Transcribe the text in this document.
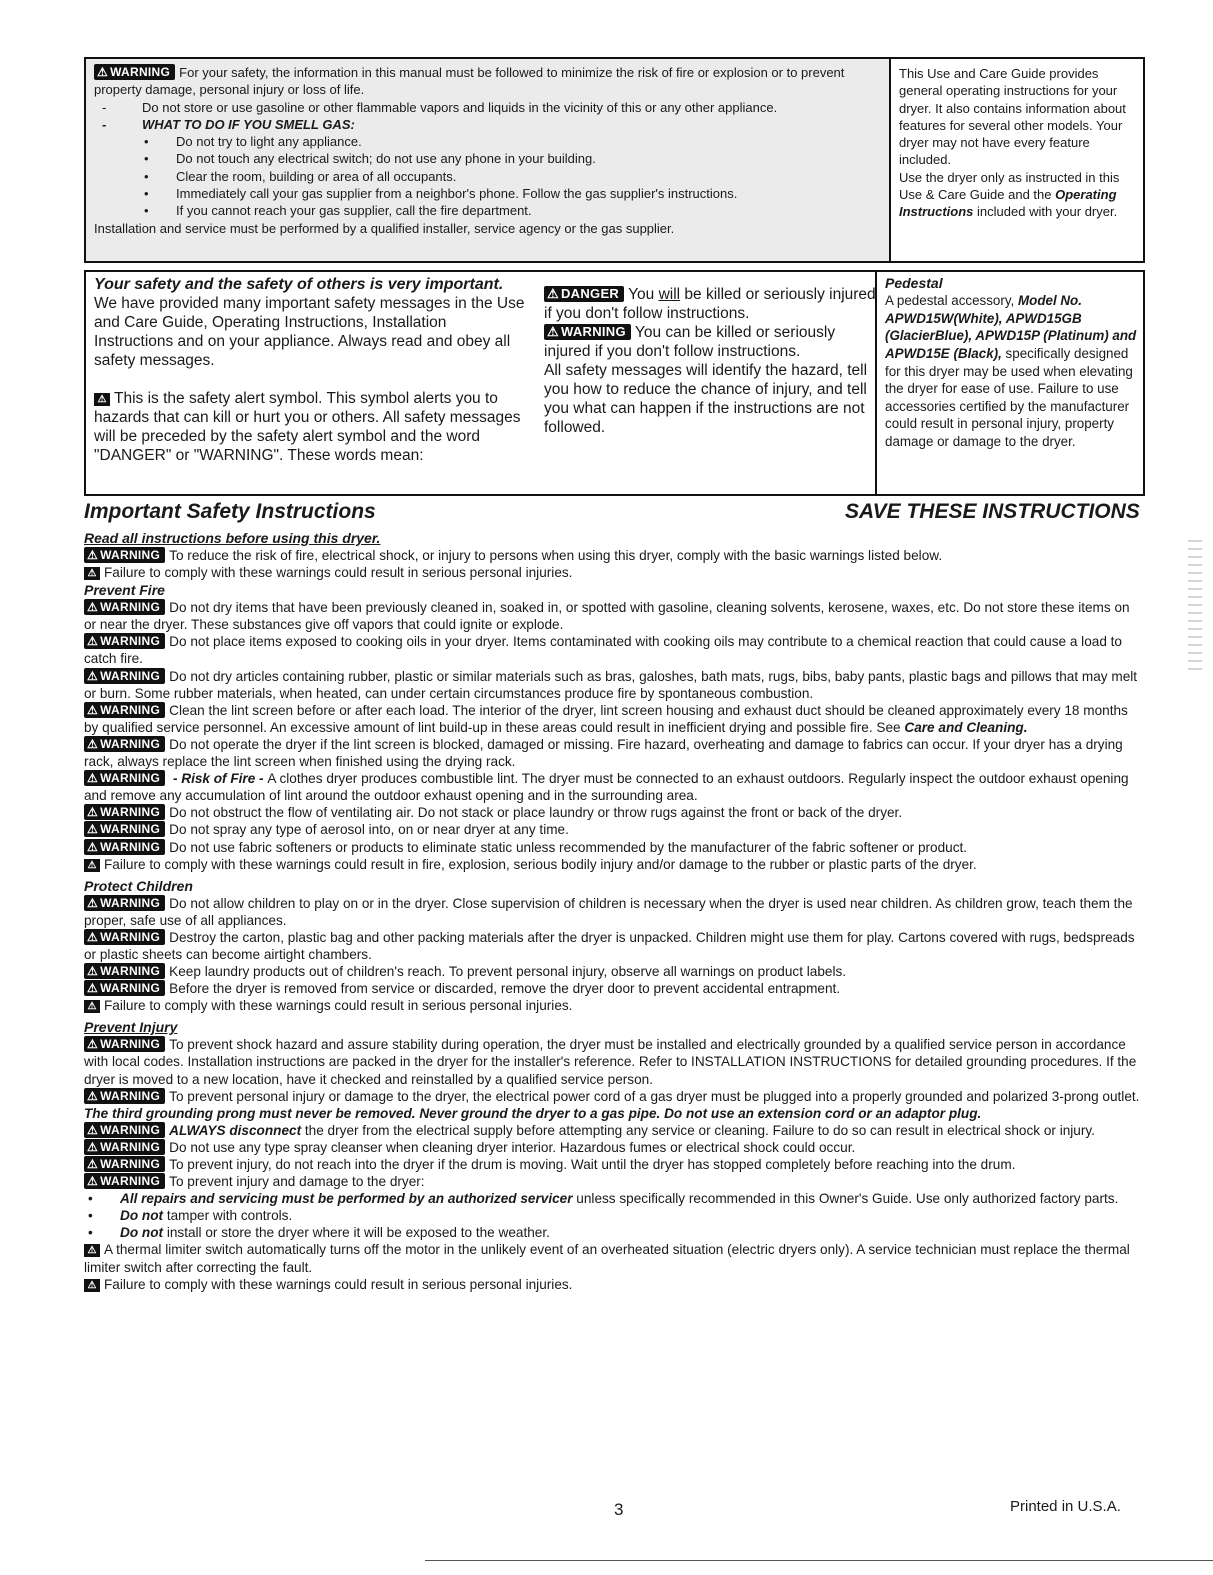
⚠ WARNING For your safety, the information in this manual must be followed to minimize the risk of fire or explosion or to prevent property damage, personal injury or loss of life.

- Do not store or use gasoline or other flammable vapors and liquids in the vicinity of this or any other appliance.

- WHAT TO DO IF YOU SMELL GAS:

• Do not try to light any appliance.

• Do not touch any electrical switch; do not use any phone in your building.

• Clear the room, building or area of all occupants.

• Immediately call your gas supplier from a neighbor's phone. Follow the gas supplier's instructions.

• If you cannot reach your gas supplier, call the fire department.

Installation and service must be performed by a qualified installer, service agency or the gas supplier.

This Use and Care Guide provides general operating instructions for your dryer. It also contains information about features for several other models. Your dryer may not have every feature included.

Use the dryer only as instructed in this Use & Care Guide and the Operating Instructions included with your dryer.

Your safety and the safety of others is very important.

We have provided many important safety messages in the Use and Care Guide, Operating Instructions, Installation Instructions and on your appliance. Always read and obey all safety messages.

⚠ This is the safety alert symbol. This symbol alerts you to hazards that can kill or hurt you or others. All safety messages will be preceded by the safety alert symbol and the word "DANGER" or "WARNING". These words mean:

⚠ DANGER You will be killed or seriously injured if you don't follow instructions.

⚠ WARNING You can be killed or seriously injured if you don't follow instructions.

All safety messages will identify the hazard, tell you how to reduce the chance of injury, and tell you what can happen if the instructions are not followed.

Pedestal

A pedestal accessory, Model No. APWD15W(White), APWD15GB (GlacierBlue), APWD15P (Platinum) and APWD15E (Black), specifically designed for this dryer may be used when elevating the dryer for ease of use. Failure to use accessories certified by the manufacturer could result in personal injury, property damage or damage to the dryer.

Important Safety Instructions	SAVE THESE INSTRUCTIONS

Read all instructions before using this dryer.

⚠ WARNING To reduce the risk of fire, electrical shock, or injury to persons when using this dryer, comply with the basic warnings listed below.

⚠ Failure to comply with these warnings could result in serious personal injuries.

Prevent Fire

⚠ WARNING Do not dry items that have been previously cleaned in, soaked in, or spotted with gasoline, cleaning solvents, kerosene, waxes, etc. Do not store these items on or near the dryer. These substances give off vapors that could ignite or explode.

⚠ WARNING Do not place items exposed to cooking oils in your dryer. Items contaminated with cooking oils may contribute to a chemical reaction that could cause a load to catch fire.

⚠ WARNING Do not dry articles containing rubber, plastic or similar materials such as bras, galoshes, bath mats, rugs, bibs, baby pants, plastic bags and pillows that may melt or burn. Some rubber materials, when heated, can under certain circumstances produce fire by spontaneous combustion.

⚠ WARNING Clean the lint screen before or after each load. The interior of the dryer, lint screen housing and exhaust duct should be cleaned approximately every 18 months by qualified service personnel. An excessive amount of lint build-up in these areas could result in inefficient drying and possible fire. See Care and Cleaning.

⚠ WARNING Do not operate the dryer if the lint screen is blocked, damaged or missing. Fire hazard, overheating and damage to fabrics can occur. If your dryer has a drying rack, always replace the lint screen when finished using the drying rack.

⚠ WARNING - Risk of Fire - A clothes dryer produces combustible lint. The dryer must be connected to an exhaust outdoors. Regularly inspect the outdoor exhaust opening and remove any accumulation of lint around the outdoor exhaust opening and in the surrounding area.

⚠ WARNING Do not obstruct the flow of ventilating air. Do not stack or place laundry or throw rugs against the front or back of the dryer.

⚠ WARNING Do not spray any type of aerosol into, on or near dryer at any time.

⚠ WARNING Do not use fabric softeners or products to eliminate static unless recommended by the manufacturer of the fabric softener or product.

⚠ Failure to comply with these warnings could result in fire, explosion, serious bodily injury and/or damage to the rubber or plastic parts of the dryer.

Protect Children

⚠ WARNING Do not allow children to play on or in the dryer. Close supervision of children is necessary when the dryer is used near children. As children grow, teach them the proper, safe use of all appliances.

⚠ WARNING Destroy the carton, plastic bag and other packing materials after the dryer is unpacked. Children might use them for play. Cartons covered with rugs, bedspreads or plastic sheets can become airtight chambers.

⚠ WARNING Keep laundry products out of children's reach. To prevent personal injury, observe all warnings on product labels.

⚠ WARNING Before the dryer is removed from service or discarded, remove the dryer door to prevent accidental entrapment.

⚠ Failure to comply with these warnings could result in serious personal injuries.

Prevent Injury

⚠ WARNING To prevent shock hazard and assure stability during operation, the dryer must be installed and electrically grounded by a qualified service person in accordance with local codes. Installation instructions are packed in the dryer for the installer's reference. Refer to INSTALLATION INSTRUCTIONS for detailed grounding procedures. If the dryer is moved to a new location, have it checked and reinstalled by a qualified service person.

⚠ WARNING To prevent personal injury or damage to the dryer, the electrical power cord of a gas dryer must be plugged into a properly grounded and polarized 3-prong outlet. The third grounding prong must never be removed. Never ground the dryer to a gas pipe. Do not use an extension cord or an adaptor plug.

⚠ WARNING ALWAYS disconnect the dryer from the electrical supply before attempting any service or cleaning. Failure to do so can result in electrical shock or injury.

⚠ WARNING Do not use any type spray cleanser when cleaning dryer interior. Hazardous fumes or electrical shock could occur.

⚠ WARNING To prevent injury, do not reach into the dryer if the drum is moving. Wait until the dryer has stopped completely before reaching into the drum.

⚠ WARNING To prevent injury and damage to the dryer:

• All repairs and servicing must be performed by an authorized servicer unless specifically recommended in this Owner's Guide. Use only authorized factory parts.

• Do not tamper with controls.

• Do not install or store the dryer where it will be exposed to the weather.

⚠ A thermal limiter switch automatically turns off the motor in the unlikely event of an overheated situation (electric dryers only). A service technician must replace the thermal limiter switch after correcting the fault.

⚠ Failure to comply with these warnings could result in serious personal injuries.

3	Printed in U.S.A.
